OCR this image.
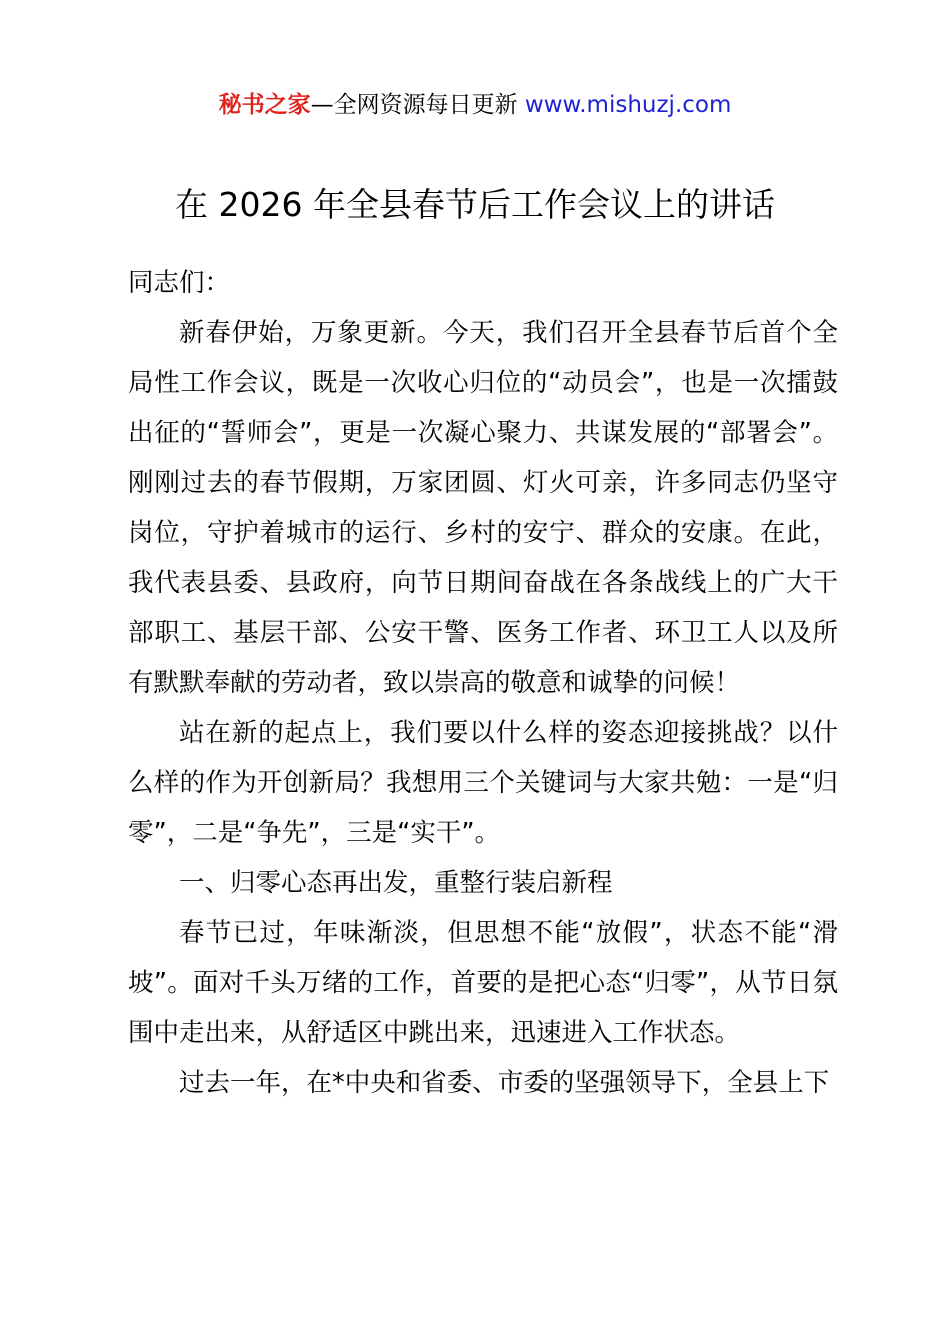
秘书之家—全网资源每日更新 www.mishuzj.com
在 2026 年全县春节后工作会议上的讲话

同志们：

新春伊始，万象更新。今天，我们召开全县春节后首个全局性工作会议，既是一次收心归位的“动员会”，也是一次擂鼓出征的“誓师会”，更是一次凝心聚力、共谋发展的“部署会”。刚刚过去的春节假期，万家团圆、灯火可亲，许多同志仍坚守岗位，守护着城市的运行、乡村的安宁、群众的安康。在此，我代表县委、县政府，向节日期间奋战在各条战线上的广大干部职工、基层干部、公安干警、医务工作者、环卫工人以及所有默默奉献的劳动者，致以崇高的敬意和诚挚的问候！

站在新的起点上，我们要以什么样的姿态迎接挑战？以什么样的作为开创新局？我想用三个关键词与大家共勉：一是“归零”，二是“争先”，三是“实干”。

一、归零心态再出发，重整行装启新程

春节已过，年味渐淡，但思想不能“放假”，状态不能“滑坡”。面对千头万绪的工作，首要的是把心态“归零”，从节日氛围中走出来，从舒适区中跳出来，迅速进入工作状态。

过去一年，在*中央和省委、市委的坚强领导下，全县上下
